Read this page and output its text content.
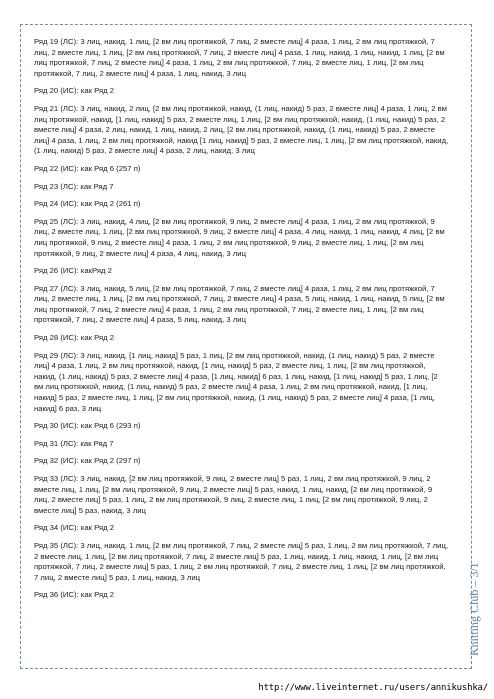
Ряд 19 (ЛС): 3 лиц, накид, 1 лиц, [2 вм лиц протяжкой, 7 лиц, 2 вместе лиц] 4 раза, 1 лиц, 2 вм лиц протяжкой, 7 лиц, 2 вместе лиц, 1 лиц, [2 вм лиц протяжкой, 7 лиц, 2 вместе лиц] 4 раза, 1 лиц, накид, 1 лиц, накид, 1 лиц, [2 вм лиц протяжкой, 7 лиц, 2 вместе лиц] 4 раза, 1 лиц, 2 вм лиц протяжкой, 7 лиц, 2 вместе лиц, 1 лиц, [2 вм лиц протяжкой, 7 лиц, 2 вместе лиц] 4 раза, 1 лиц, накид, 3 лиц

Ряд 20 (ИС): как Ряд 2

Ряд 21 (ЛС): 3 лиц, накид, 2 лиц, [2 вм лиц протяжкой, накид, (1 лиц, накид) 5 раз, 2 вместе лиц] 4 раза, 1 лиц, 2 вм лиц протяжкой, накид, [1 лиц, накид] 5 раз, 2 вместе лиц, 1 лиц, [2 вм лиц протяжкой, накид, (1 лиц, накид) 5 раз, 2 вместе лиц] 4 раза, 2 лиц, накид, 1 лиц, накид, 2 лиц, [2 вм лиц протяжкой, накид, (1 лиц, накид) 5 раз, 2 вместе лиц] 4 раза, 1 лиц, 2 вм лиц протяжкой, накид [1 лиц, накид] 5 раз, 2 вместе лиц, 1 лиц, [2 вм лиц протяжкой, накид, (1 лиц, накид) 5 раз, 2 вместе лиц] 4 раза, 2 лиц, накид, 3 лиц

Ряд 22 (ИС): как Ряд 6 (257 п)

Ряд 23 (ЛС): как Ряд 7

Ряд 24 (ИС): как Ряд 2 (261 п)

Ряд 25 (ЛС): 3 лиц, накид, 4 лиц, [2 вм лиц протяжкой, 9 лиц, 2 вместе лиц] 4 раза, 1 лиц, 2 вм лиц протяжкой, 9 лиц, 2 вместе лиц, 1 лиц, [2 вм лиц протяжкой, 9 лиц, 2 вместе лиц] 4 раза, 4 лиц, накид, 1 лиц, накид, 4 лиц, [2 вм лиц протяжкой, 9 лиц, 2 вместе лиц] 4 раза, 1 лиц, 2 вм лиц протяжкой, 9 лиц, 2 вместе лиц, 1 лиц, [2 вм лиц протяжкой, 9 лиц, 2 вместе лиц] 4 раза, 4 лиц, накид, 3 лиц

Ряд 26 (ИС): какРяд 2

Ряд 27 (ЛС): 3 лиц, накид, 5 лиц, [2 вм лиц протяжкой, 7 лиц, 2 вместе лиц] 4 раза, 1 лиц, 2 вм лиц протяжкой, 7 лиц, 2 вместе лиц, 1 лиц, [2 вм лиц протяжкой, 7 лиц, 2 вместе лиц] 4 раза, 5 лиц, накид, 1 лиц, накид, 5 лиц, [2 вм лиц протяжкой, 7 лиц, 2 вместе лиц] 4 раза, 1 лиц, 2 вм лиц протяжкой, 7 лиц, 2 вместе лиц, 1 лиц, [2 вм лиц протяжкой, 7 лиц, 2 вместе лиц] 4 раза, 5 лиц, накид, 3 лиц

Ряд 28 (ИС): как Ряд 2

Ряд 29 (ЛС): 3 лиц, накид, [1 лиц, накид] 5 раз, 1 лиц, [2 вм лиц протяжкой, накид, (1 лиц, накид) 5 раз, 2 вместе лиц] 4 раза, 1 лиц, 2 вм лиц протяжкой, накид, [1 лиц, накид] 5 раз, 2 вместе лиц, 1 лиц, [2 вм лиц протяжкой, накид, (1 лиц, накид) 5 раз, 2 вместе лиц] 4 раза, [1 лиц, накид] 6 раз, 1 лиц, накид, [1 лиц, накид] 5 раз, 1 лиц, [2 вм лиц протяжкой, накид, (1 лиц, накид) 5 раз, 2 вместе лиц] 4 раза, 1 лиц, 2 вм лиц протяжкой, накид, [1 лиц, накид] 5 раз, 2 вместе лиц, 1 лиц, [2 вм лиц протяжкой, накид, (1 лиц, накид) 5 раз, 2 вместе лиц] 4 раза, [1 лиц, накид] 6 раз, 3 лиц

Ряд 30 (ИС): как Ряд 6 (293 п)

Ряд 31 (ЛС): как Ряд 7

Ряд 32 (ИС): как Ряд 2 (297 п)

Ряд 33 (ЛС): 3 лиц, накид, [2 вм лиц протяжкой, 9 лиц, 2 вместе лиц] 5 раз, 1 лиц, 2 вм лиц протяжкой, 9 лиц, 2 вместе лиц, 1 лиц, [2 вм лиц протяжкой, 9 лиц, 2 вместе лиц] 5 раз, накид, 1 лиц, накид, [2 вм лиц протяжкой, 9 лиц, 2 вместе лиц] 5 раз, 1 лиц, 2 вм лиц протяжкой, 9 лиц, 2 вместе лиц, 1 лиц, [2 вм лиц протяжкой, 9 лиц, 2 вместе лиц] 5 раз, накид, 3 лиц

Ряд 34 (ИС): как Ряд 2

Ряд 35 (ЛС): 3 лиц, накид, 1 лиц, [2 вм лиц протяжкой, 7 лиц, 2 вместе лиц] 5 раз, 1 лиц, 2 вм лиц протяжкой, 7 лиц, 2 вместе лиц, 1 лиц, [2 вм лиц протяжкой, 7 лиц, 2 вместе лиц] 5 раз, 1 лиц, накид, 1 лиц, накид, 1 лиц, [2 вм лиц протяжкой, 7 лиц, 2 вместе лиц] 5 раз, 1 лиц, 2 вм лиц протяжкой, 7 лиц, 2 вместе лиц, 1 лиц, [2 вм лиц протяжкой, 7 лиц, 2 вместе лиц] 5 раз, 1 лиц, накид, 3 лиц

Ряд 36 (ИС): как Ряд 2	Knitting Club – 3/1
http://www.liveinternet.ru/users/annikushka/
